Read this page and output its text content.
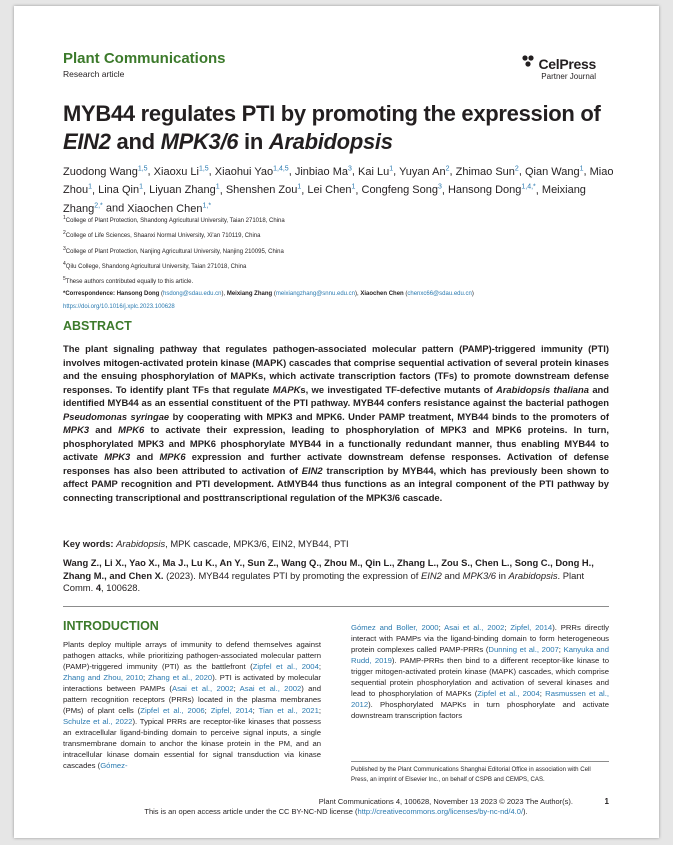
Plant Communications
Research article
CelPress
Partner Journal
MYB44 regulates PTI by promoting the expression of EIN2 and MPK3/6 in Arabidopsis
Zuodong Wang$^{1,5}$, Xiaoxu Li$^{1,5}$, Xiaohui Yao$^{1,4,5}$, Jinbiao Ma$^3$, Kai Lu$^1$, Yuyan An$^2$, Zhimao Sun$^2$, Qian Wang$^1$, Miao Zhou$^1$, Lina Qin$^1$, Liyuan Zhang$^1$, Shenshen Zou$^1$, Lei Chen$^1$, Congfeng Song$^3$, Hansong Dong$^{1,4,*}$, Meixiang Zhang$^{2,*}$ and Xiaochen Chen$^{1,*}$
$^1$College of Plant Protection, Shandong Agricultural University, Taian 271018, China
$^2$College of Life Sciences, Shaanxi Normal University, Xi'an 710119, China
$^3$College of Plant Protection, Nanjing Agricultural University, Nanjing 210095, China
$^4$Qilu College, Shandong Agricultural University, Taian 271018, China
$^5$These authors contributed equally to this article.
*Correspondence: Hansong Dong (hsdong@sdau.edu.cn), Meixiang Zhang (meixiangzhang@snnu.edu.cn), Xiaochen Chen (chenxc66@sdau.edu.cn)
https://doi.org/10.1016/j.xplc.2023.100628
ABSTRACT

The plant signaling pathway that regulates pathogen-associated molecular pattern (PAMP)-triggered immunity (PTI) involves mitogen-activated protein kinase (MAPK) cascades that comprise sequential activation of several protein kinases and the ensuing phosphorylation of MAPKs, which activate transcription factors (TFs) to promote downstream defense responses. To identify plant TFs that regulate MAPKs, we investigated TF-defective mutants of Arabidopsis thaliana and identified MYB44 as an essential constituent of the PTI pathway. MYB44 confers resistance against the bacterial pathogen Pseudomonas syringae by cooperating with MPK3 and MPK6. Under PAMP treatment, MYB44 binds to the promoters of MPK3 and MPK6 to activate their expression, leading to phosphorylation of MPK3 and MPK6 proteins. In turn, phosphorylated MPK3 and MPK6 phosphorylate MYB44 in a functionally redundant manner, thus enabling MYB44 to activate MPK3 and MPK6 expression and further activate downstream defense responses. Activation of defense responses has also been attributed to activation of EIN2 transcription by MYB44, which has previously been shown to affect PAMP recognition and PTI development. AtMYB44 thus functions as an integral component of the PTI pathway by connecting transcriptional and posttranscriptional regulation of the MPK3/6 cascade.

Key words: Arabidopsis, MPK cascade, MPK3/6, EIN2, MYB44, PTI

Wang Z., Li X., Yao X., Ma J., Lu K., An Y., Sun Z., Wang Q., Zhou M., Qin L., Zhang L., Zou S., Chen L., Song C., Dong H., Zhang M., and Chen X. (2023). MYB44 regulates PTI by promoting the expression of EIN2 and MPK3/6 in Arabidopsis. Plant Comm. 4, 100628.

INTRODUCTION

Plants deploy multiple arrays of immunity to defend themselves against pathogen attacks, while prioritizing pathogen-associated molecular pattern (PAMP)-triggered immunity (PTI) as the battlefront (Zipfel et al., 2004; Zhang and Zhou, 2010; Zhang et al., 2020). PTI is activated by molecular interactions between PAMPs (Asai et al., 2002; Asai et al., 2002) and pattern recognition receptors (PRRs) located in the plasma membranes (PMs) of plant cells (Zipfel et al., 2006; Zipfel, 2014; Tian et al., 2021; Schulze et al., 2022). Typical PRRs are receptor-like kinases that possess an extracellular ligand-binding domain to perceive signal inputs, a single transmembrane domain to anchor the kinase protein in the PM, and an intracellular kinase domain essential for signal transduction via kinase cascades (Gómez-

Gómez and Boller, 2000; Asai et al., 2002; Zipfel, 2014). PRRs directly interact with PAMPs via the ligand-binding domain to form heterogeneous protein complexes called PAMP-PRRs (Dunning et al., 2007; Kanyuka and Rudd, 2019). PAMP-PRRs then bind to a different receptor-like kinase to trigger mitogen-activated protein kinase (MAPK) cascades, which comprise sequential protein phosphorylation and activation of several kinases and lead to phosphorylation of MAPKs (Zipfel et al., 2004; Rasmussen et al., 2012). Phosphorylated MAPKs in turn phosphorylate and activate downstream transcription factors

Published by the Plant Communications Shanghai Editorial Office in association with Cell Press, an imprint of Elsevier Inc., on behalf of CSPB and CEMPS, CAS.

Plant Communications 4, 100628, November 13 2023 © 2023 The Author(s).	1
This is an open access article under the CC BY-NC-ND license (http://creativecommons.org/licenses/by-nc-nd/4.0/).
